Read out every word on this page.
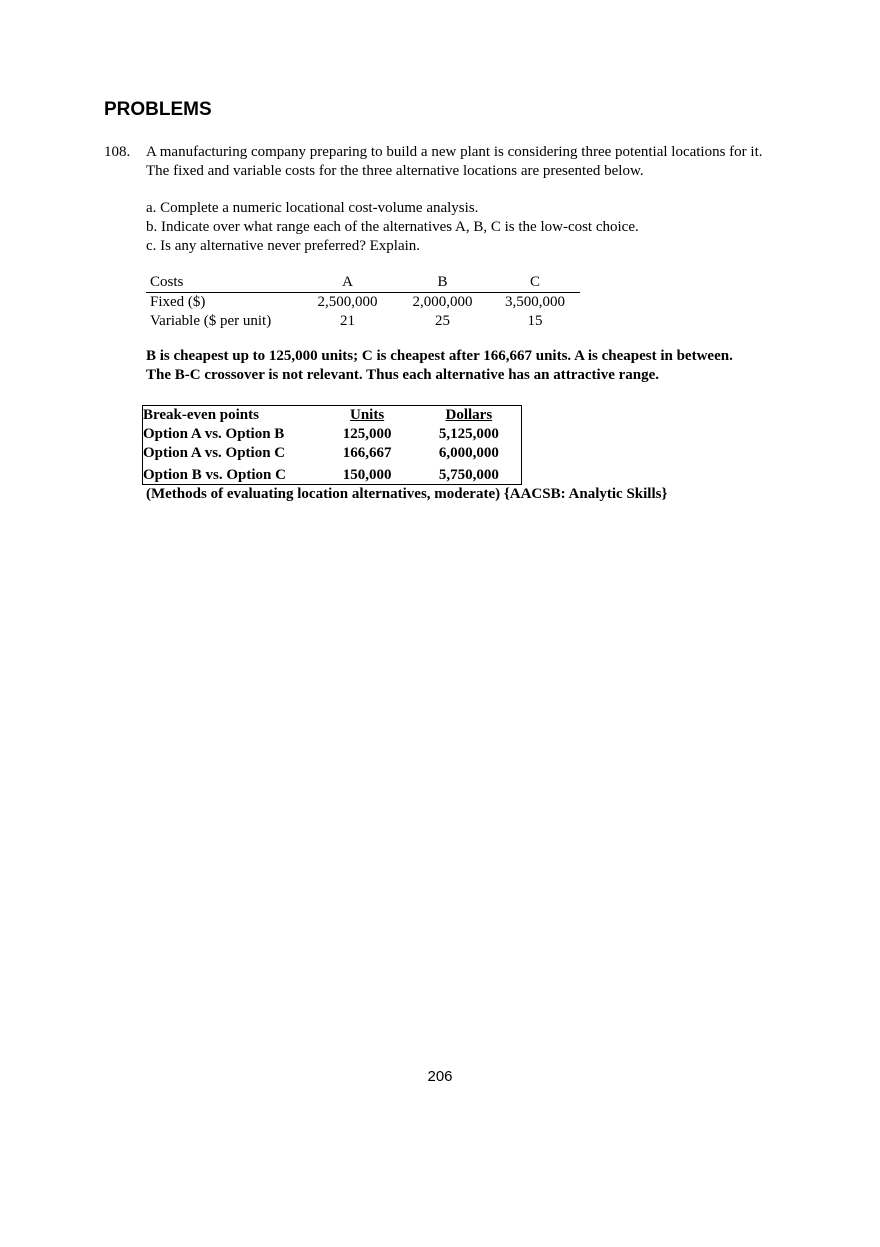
PROBLEMS
108. A manufacturing company preparing to build a new plant is considering three potential locations for it. The fixed and variable costs for the three alternative locations are presented below.

a. Complete a numeric locational cost-volume analysis.
b. Indicate over what range each of the alternatives A, B, C is the low-cost choice.
c. Is any alternative never preferred? Explain.
Costs	A	B	C
Fixed ($)	2,500,000	2,000,000	3,500,000
Variable ($ per unit)	21	25	15
B is cheapest up to 125,000 units; C is cheapest after 166,667 units. A is cheapest in between.
The B-C crossover is not relevant. Thus each alternative has an attractive range.
Break-even points	Units	Dollars
Option A vs. Option B	125,000	5,125,000
Option A vs. Option C	166,667	6,000,000
Option B vs. Option C	150,000	5,750,000
(Methods of evaluating location alternatives, moderate) {AACSB: Analytic Skills}
206
